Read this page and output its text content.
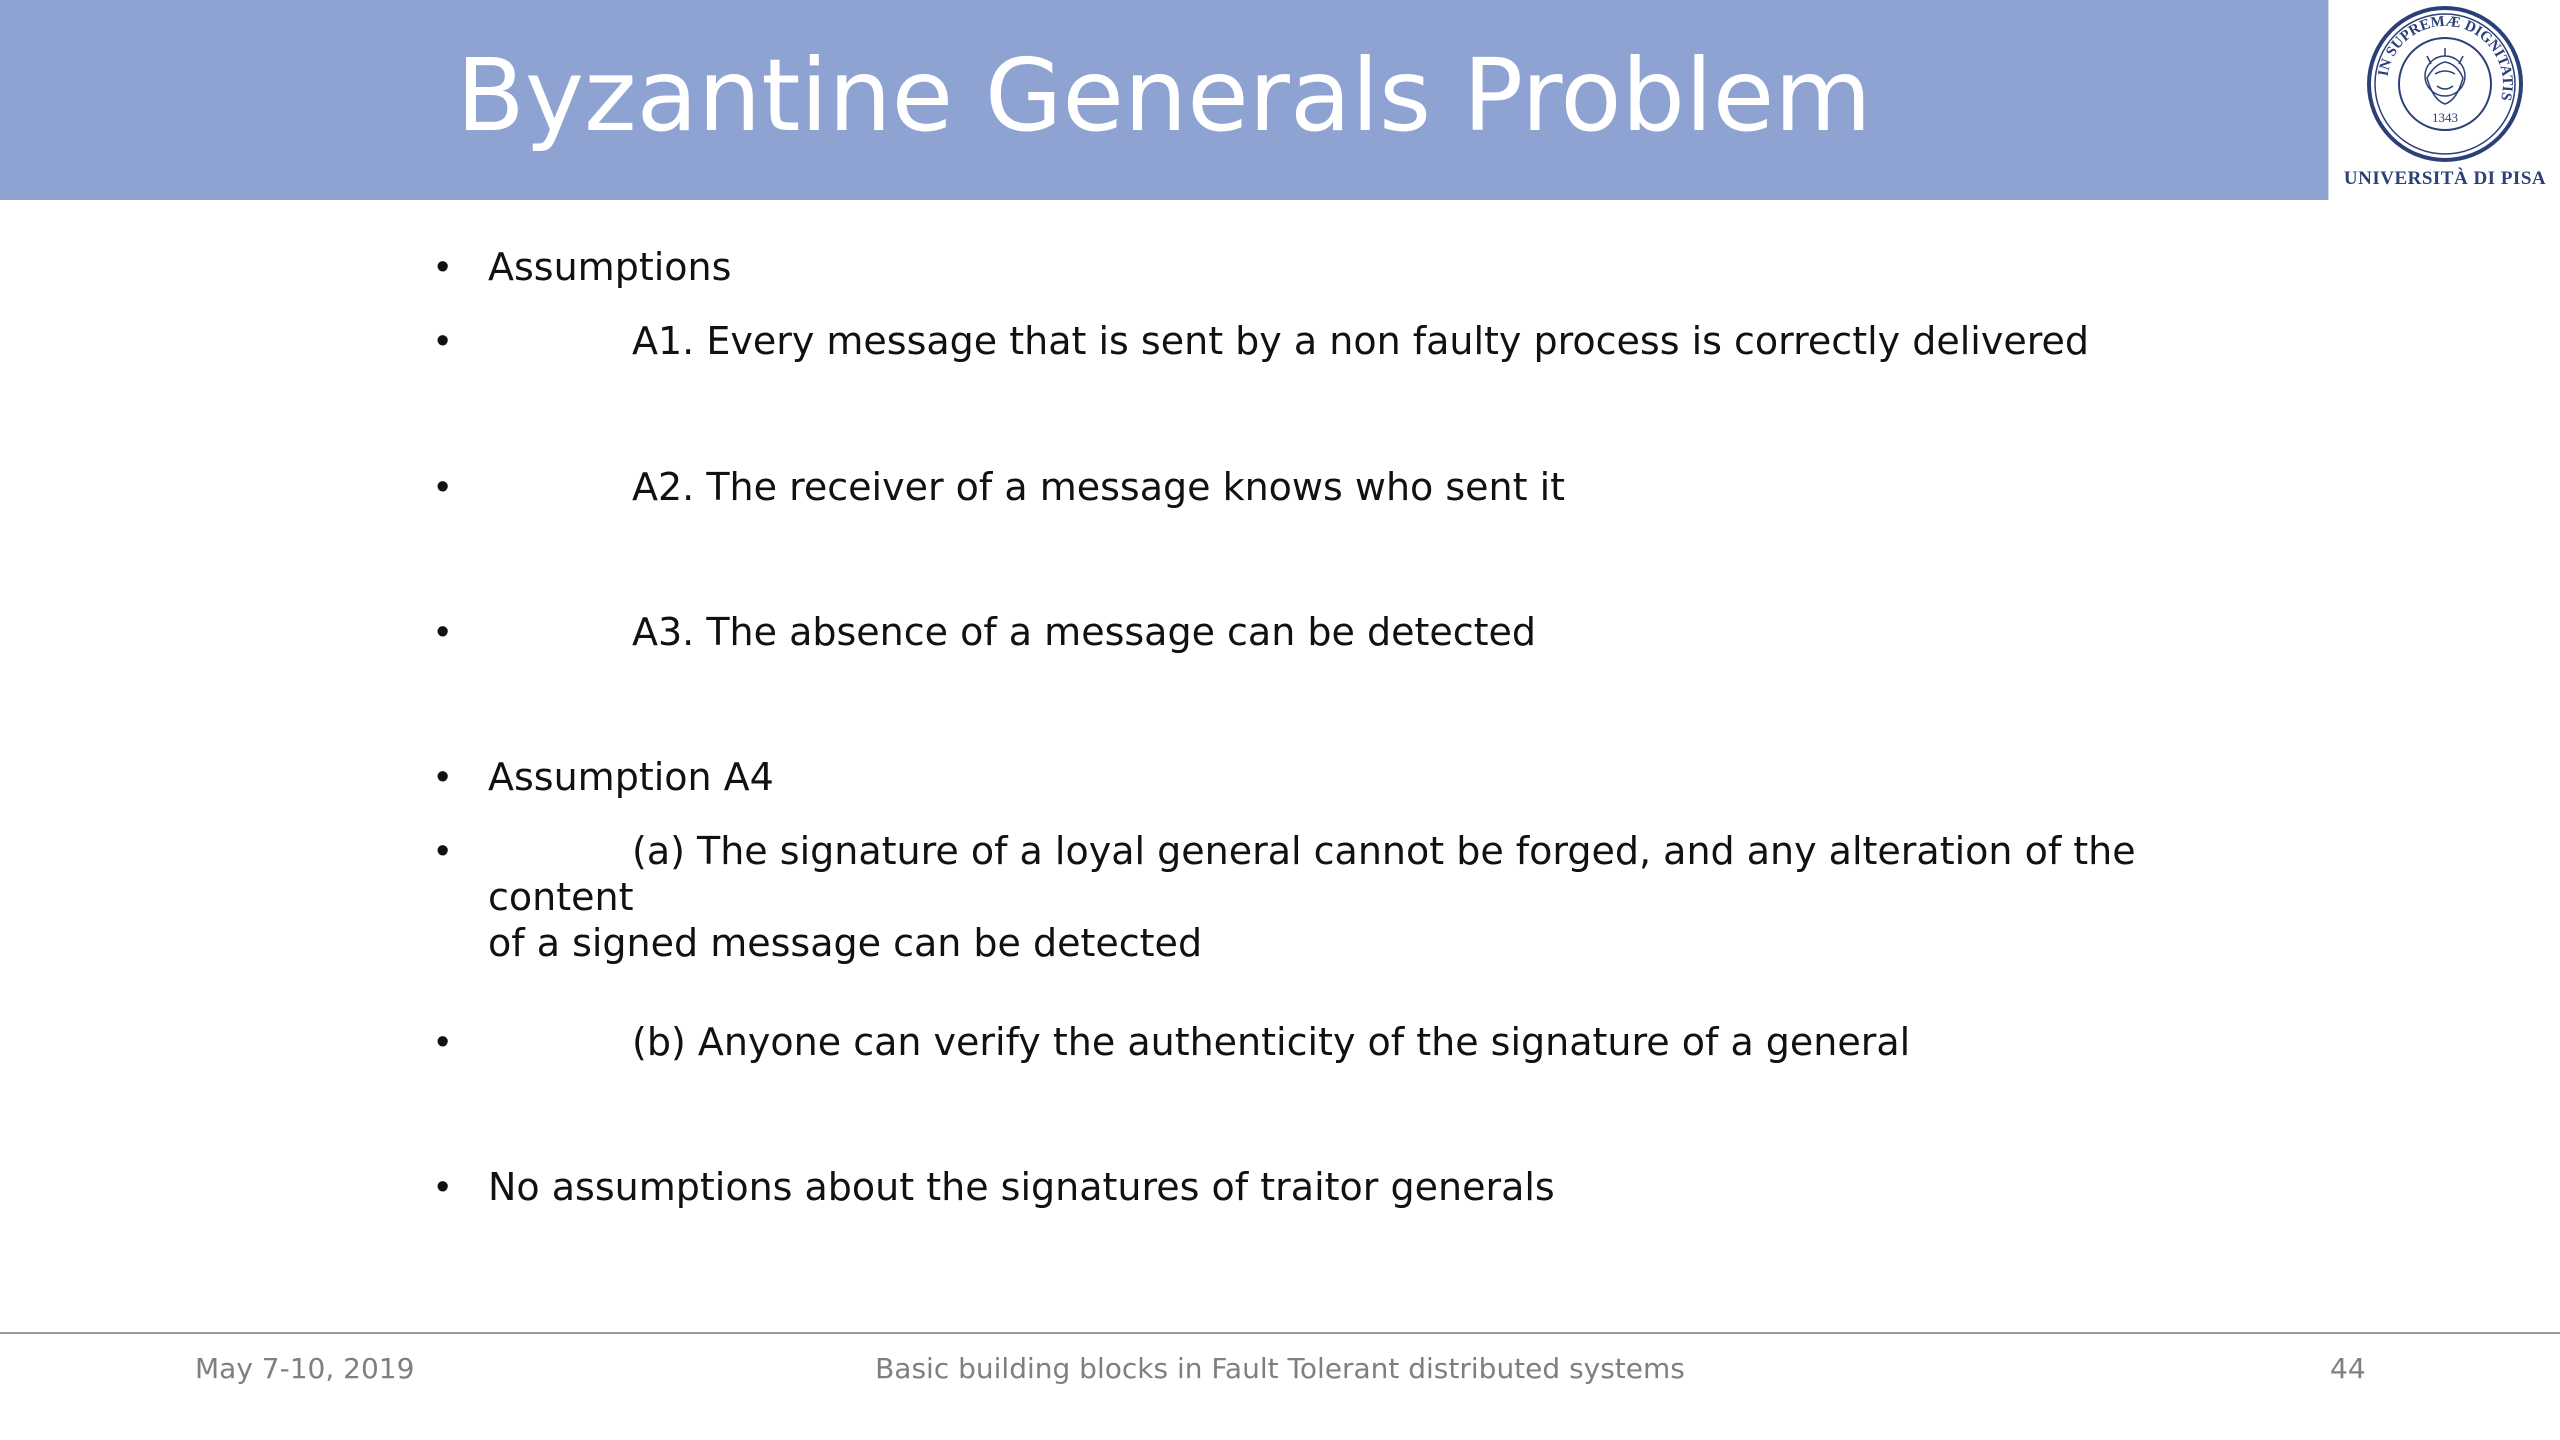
Byzantine Generals Problem	IN SUPREMÆ DIGNITATIS
1343
UNIVERSITÀ DI PISA
• Assumptions
•	A1. Every message that is sent by a non faulty process is correctly delivered
•	A2. The receiver of a message knows who sent it
•	A3. The absence of a message can be detected
• Assumption A4
•	(a) The signature of a loyal general cannot be forged, and any alteration of the content
of a signed message can be detected
•	(b) Anyone can verify the authenticity of the signature of a general
• No assumptions about the signatures of traitor generals
May 7-10, 2019	Basic building blocks in Fault Tolerant distributed systems	44
